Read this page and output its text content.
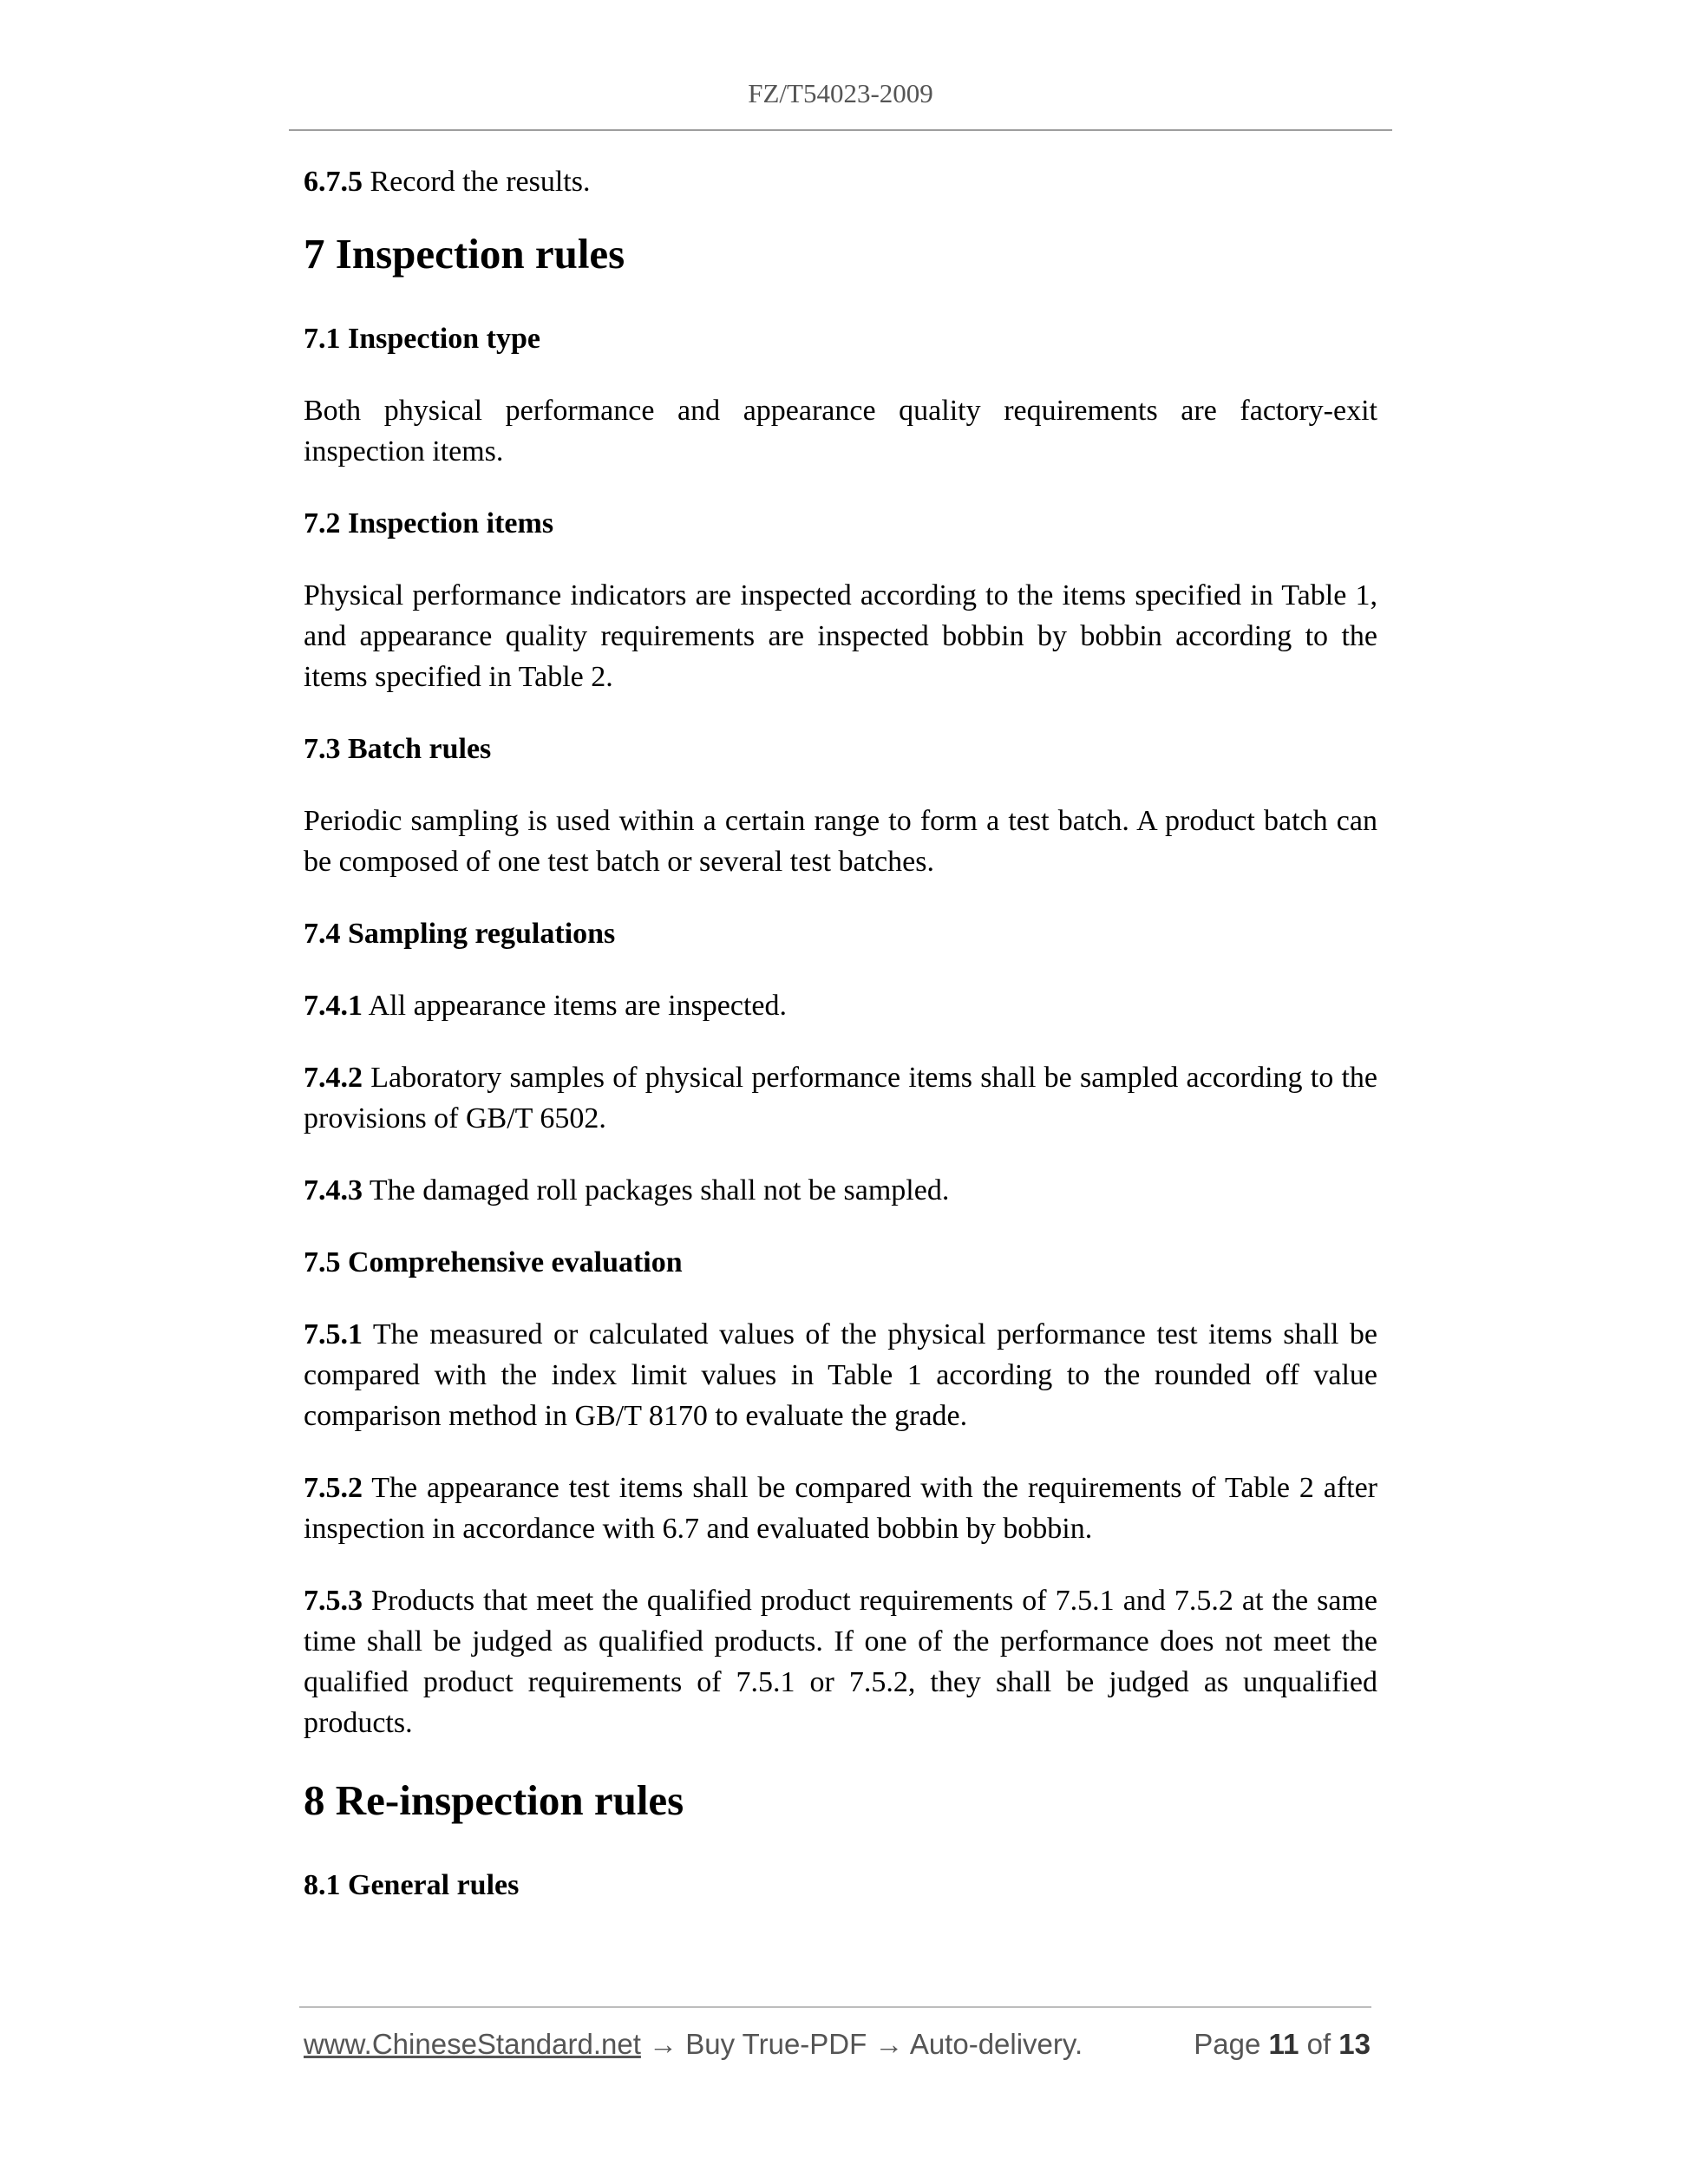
FZ/T54023-2009

6.7.5 Record the results.

7 Inspection rules
7.1 Inspection type

Both physical performance and appearance quality requirements are factory-exit inspection items.

7.2 Inspection items

Physical performance indicators are inspected according to the items specified in Table 1, and appearance quality requirements are inspected bobbin by bobbin according to the items specified in Table 2.

7.3 Batch rules

Periodic sampling is used within a certain range to form a test batch. A product batch can be composed of one test batch or several test batches.

7.4 Sampling regulations

7.4.1 All appearance items are inspected.

7.4.2 Laboratory samples of physical performance items shall be sampled according to the provisions of GB/T 6502.

7.4.3 The damaged roll packages shall not be sampled.

7.5 Comprehensive evaluation

7.5.1 The measured or calculated values of the physical performance test items shall be compared with the index limit values in Table 1 according to the rounded off value comparison method in GB/T 8170 to evaluate the grade.

7.5.2 The appearance test items shall be compared with the requirements of Table 2 after inspection in accordance with 6.7 and evaluated bobbin by bobbin.

7.5.3 Products that meet the qualified product requirements of 7.5.1 and 7.5.2 at the same time shall be judged as qualified products. If one of the performance does not meet the qualified product requirements of 7.5.1 or 7.5.2, they shall be judged as unqualified products.

8 Re-inspection rules
8.1 General rules
www.ChineseStandard.net → Buy True-PDF → Auto-delivery.	Page 11 of 13
